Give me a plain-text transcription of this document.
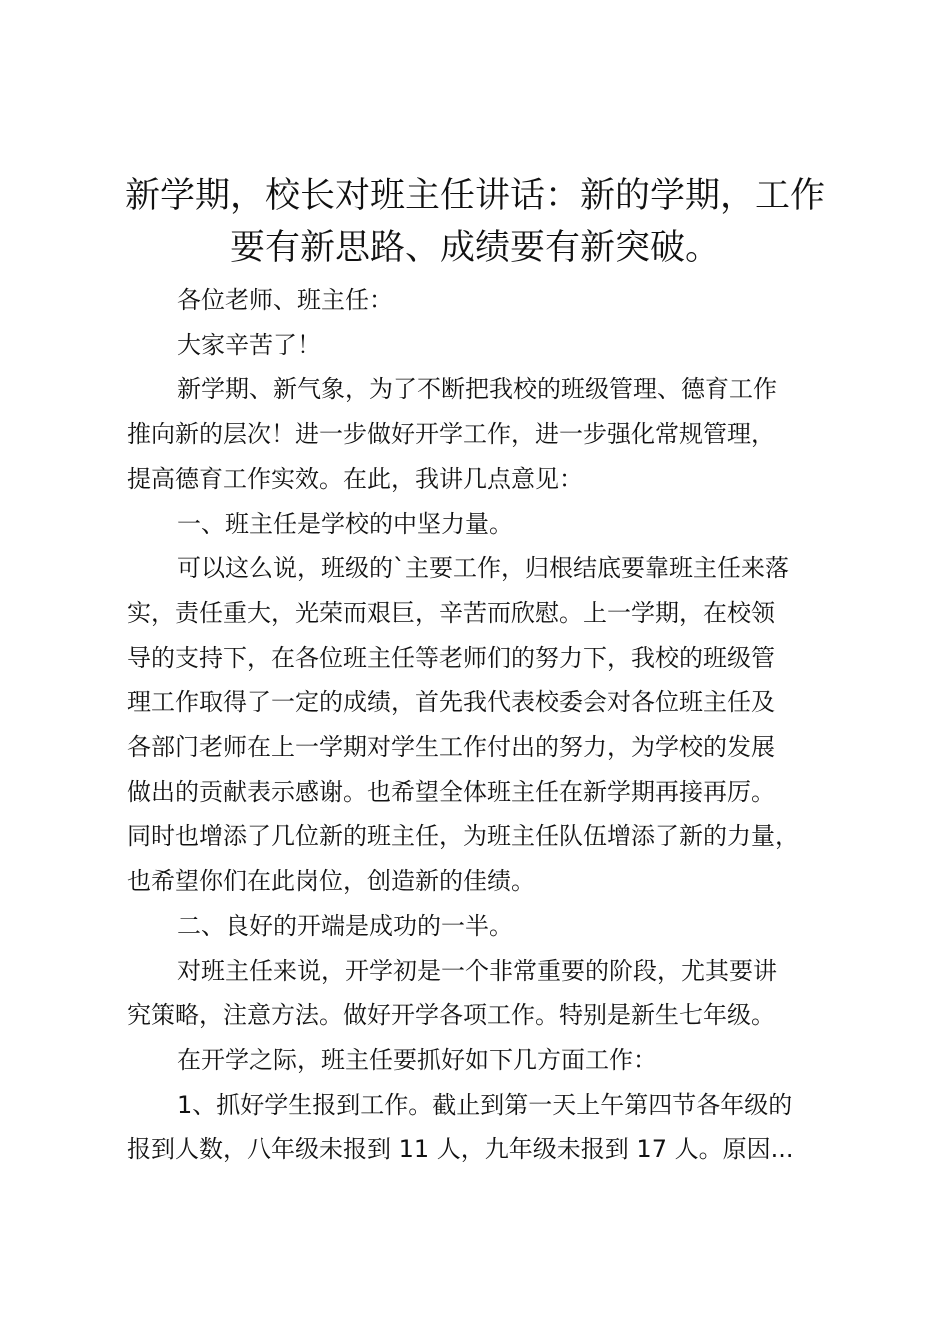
新学期，校长对班主任讲话：新的学期，工作
要有新思路、成绩要有新突破。

各位老师、班主任：

大家辛苦了！

新学期、新气象，为了不断把我校的班级管理、德育工作
推向新的层次！进一步做好开学工作，进一步强化常规管理，
提高德育工作实效。在此，我讲几点意见：

一、班主任是学校的中坚力量。

可以这么说，班级的`主要工作，归根结底要靠班主任来落
实，责任重大，光荣而艰巨，辛苦而欣慰。上一学期，在校领
导的支持下，在各位班主任等老师们的努力下，我校的班级管
理工作取得了一定的成绩，首先我代表校委会对各位班主任及
各部门老师在上一学期对学生工作付出的努力，为学校的发展
做出的贡献表示感谢。也希望全体班主任在新学期再接再厉。
同时也增添了几位新的班主任，为班主任队伍增添了新的力量，
也希望你们在此岗位，创造新的佳绩。

二、良好的开端是成功的一半。

对班主任来说，开学初是一个非常重要的阶段，尤其要讲
究策略，注意方法。做好开学各项工作。特别是新生七年级。

在开学之际，班主任要抓好如下几方面工作：

1、抓好学生报到工作。截止到第一天上午第四节各年级的
报到人数，八年级未报到 11 人，九年级未报到 17 人。原因...
